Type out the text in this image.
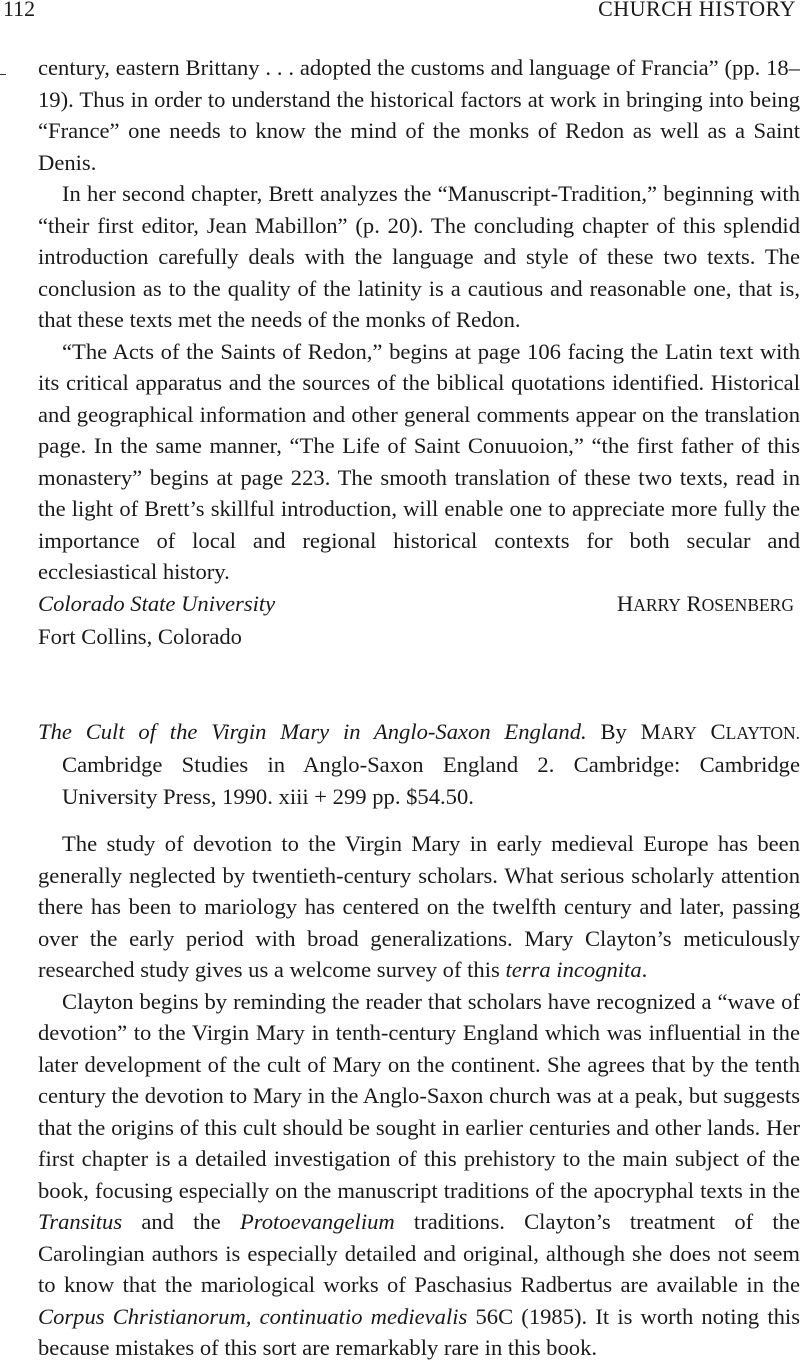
112	CHURCH HISTORY

century, eastern Brittany . . . adopted the customs and language of Francia” (pp. 18–19). Thus in order to understand the historical factors at work in bringing into being “France” one needs to know the mind of the monks of Redon as well as a Saint Denis.

In her second chapter, Brett analyzes the “Manuscript-Tradition,” beginning with “their first editor, Jean Mabillon” (p. 20). The concluding chapter of this splendid introduction carefully deals with the language and style of these two texts. The conclusion as to the quality of the latinity is a cautious and reasonable one, that is, that these texts met the needs of the monks of Redon.

“The Acts of the Saints of Redon,” begins at page 106 facing the Latin text with its critical apparatus and the sources of the biblical quotations identified. Historical and geographical information and other general comments appear on the translation page. In the same manner, “The Life of Saint Conuuoion,” “the first father of this monastery” begins at page 223. The smooth translation of these two texts, read in the light of Brett’s skillful introduction, will enable one to appreciate more fully the importance of local and regional historical contexts for both secular and ecclesiastical history.

Colorado State University	HARRY ROSENBERG

Fort Collins, Colorado

The Cult of the Virgin Mary in Anglo-Saxon England. By MARY CLAYTON. Cambridge Studies in Anglo-Saxon England 2. Cambridge: Cambridge University Press, 1990. xiii + 299 pp. $54.50.

The study of devotion to the Virgin Mary in early medieval Europe has been generally neglected by twentieth-century scholars. What serious scholarly attention there has been to mariology has centered on the twelfth century and later, passing over the early period with broad generalizations. Mary Clayton’s meticulously researched study gives us a welcome survey of this terra incognita.

Clayton begins by reminding the reader that scholars have recognized a “wave of devotion” to the Virgin Mary in tenth-century England which was influential in the later development of the cult of Mary on the continent. She agrees that by the tenth century the devotion to Mary in the Anglo-Saxon church was at a peak, but suggests that the origins of this cult should be sought in earlier centuries and other lands. Her first chapter is a detailed investigation of this prehistory to the main subject of the book, focusing especially on the manuscript traditions of the apocryphal texts in the Transitus and the Protoevangelium traditions. Clayton’s treatment of the Carolingian authors is especially detailed and original, although she does not seem to know that the mariological works of Paschasius Radbertus are available in the Corpus Christianorum, continuatio medievalis 56C (1985). It is worth noting this because mistakes of this sort are remarkably rare in this book.
